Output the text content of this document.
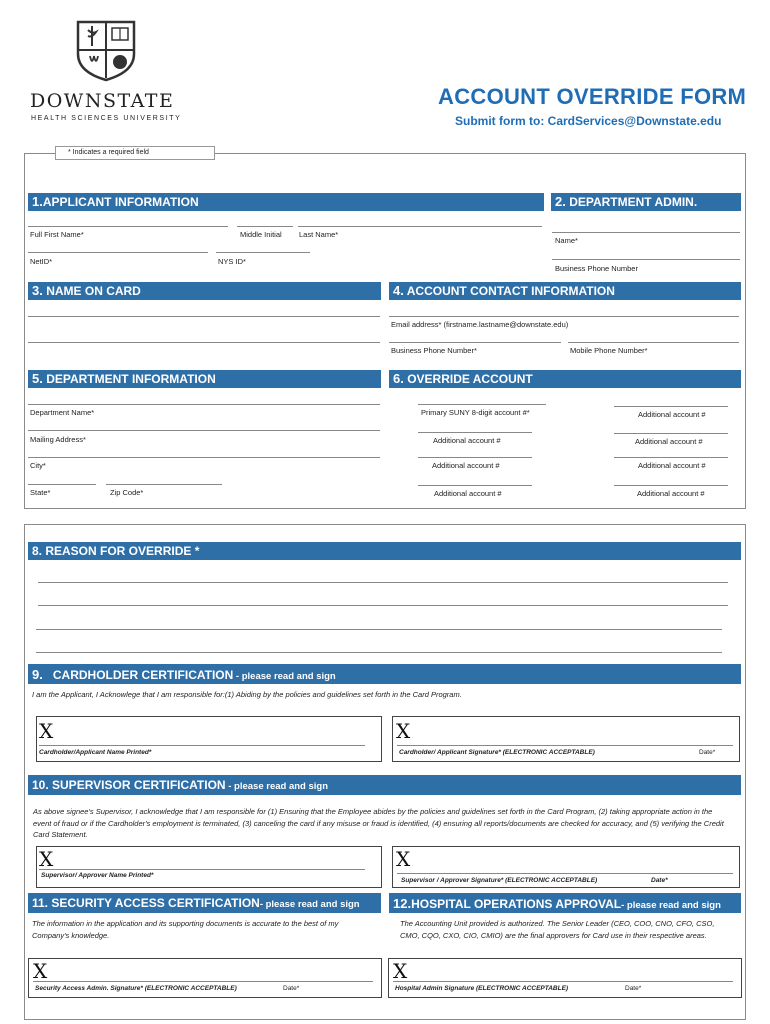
DOWNSTATE
HEALTH SCIENCES UNIVERSITY
ACCOUNT OVERRIDE FORM
Submit form to: CardServices@Downstate.edu
* Indicates a required field
1.APPLICANT INFORMATION
Full First Name*	Middle Initial Last Name*
NetID*	NYS ID*
2. DEPARTMENT ADMIN.
Name*
Business Phone Number
3. NAME ON CARD	4. ACCOUNT CONTACT INFORMATION
Email address* (firstname.lastname@downstate.edu)
Business Phone Number*	Mobile Phone Number*
5. DEPARTMENT INFORMATION
Department Name*
Mailing Address*
City*
State*	Zip Code*
6. OVERRIDE ACCOUNT
Primary SUNY 8-digit account #*	Additional account #
Additional account #	Additional account #
Additional account #	Additional account #
Additional account #	Additional account #
8. REASON FOR OVERRIDE *
9. CARDHOLDER CERTIFICATION - please read and sign
I am the Applicant, I Acknowlege that I am responsible for:(1) Abiding by the policies and guidelines set forth in the Card Program.
X
Cardholder/Applicant Name Printed*
X
Cardholder/ Applicant Signature* (ELECTRONIC ACCEPTABLE)	Date*
10. SUPERVISOR CERTIFICATION - please read and sign
As above signee's Supervisor, I acknowledge that I am responsible for (1) Ensuring that the Employee abides by the policies and guidelines set forth in the Card Program, (2) taking appropriate action in the event of fraud or if the Cardholder's employment is terminated, (3) canceling the card if any misuse or fraud is identified, (4) ensuring all reports/documents are checked for accuracy, and (5) verifying the Credit Card Statement.
X
Supervisor/ Approver Name Printed*
X
Supervisor / Approver Signature* (ELECTRONIC ACCEPTABLE)	Date*
11. SECURITY ACCESS CERTIFICATION- please read and sign
The information in the application and its supporting documents is accurate to the best of my Company's knowledge.
X
Security Access Admin. Signature* (ELECTRONIC ACCEPTABLE)	Date*
12.HOSPITAL OPERATIONS APPROVAL- please read and sign
The Accounting Unit provided is authorized. The Senior Leader (CEO, COO, CNO, CFO, CSO, CMO, CQO, CXO, CIO, CMIO) are the final approvers for Card use in their respective areas.
X
Hospital Admin Signature (ELECTRONIC ACCEPTABLE)	Date*
